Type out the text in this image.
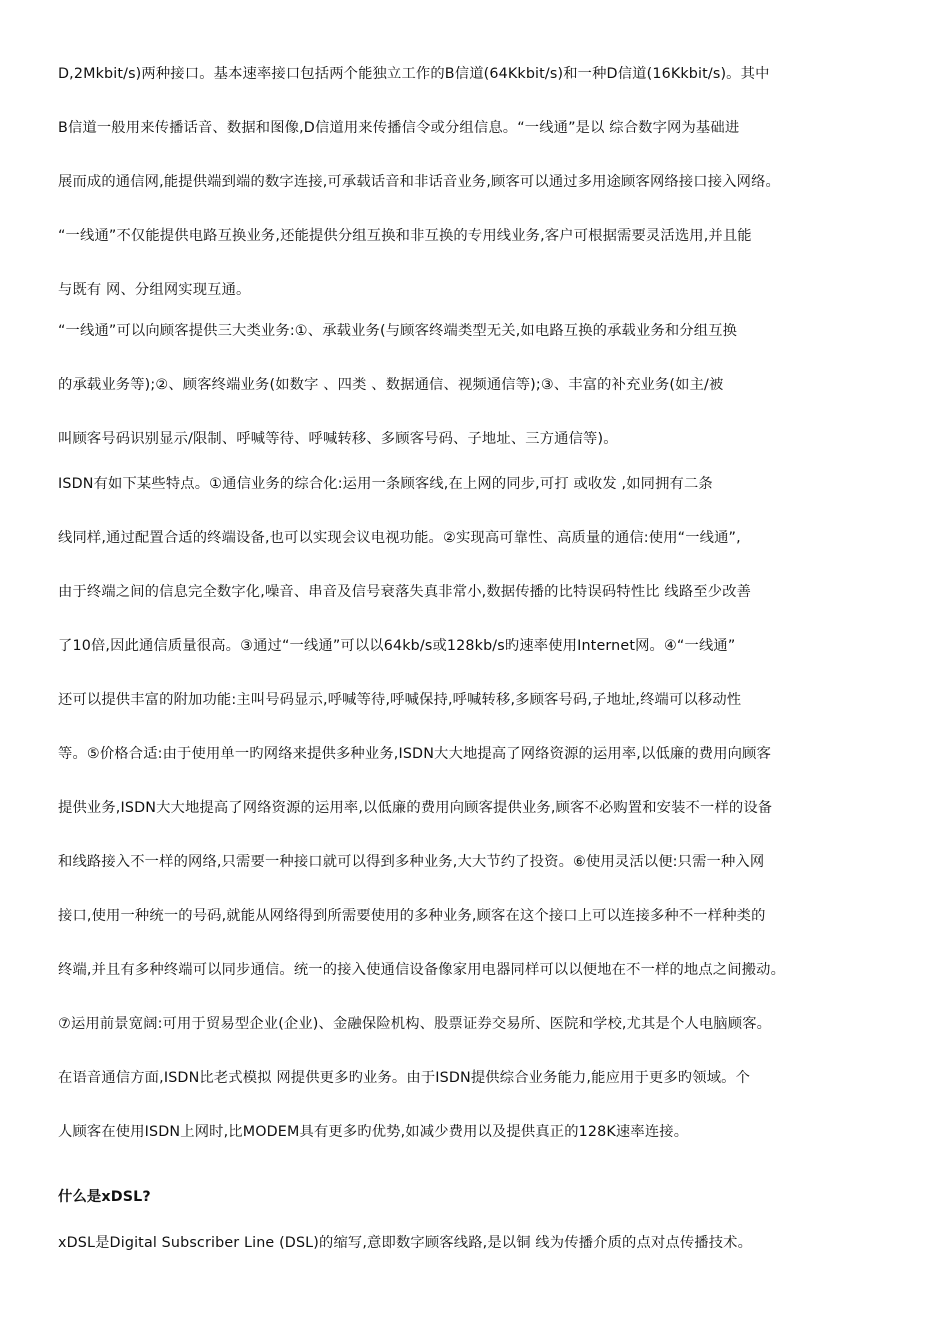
D,2Mkbit/s)两种接口。基本速率接口包括两个能独立工作的B信道(64Kkbit/s)和一种D信道(16Kkbit/s)。其中
B信道一般用来传播话音、数据和图像,D信道用来传播信令或分组信息。“一线通”是以 综合数字网为基础进
展而成的通信网,能提供端到端的数字连接,可承载话音和非话音业务,顾客可以通过多用途顾客网络接口接入网络。
“一线通”不仅能提供电路互换业务,还能提供分组互换和非互换的专用线业务,客户可根据需要灵活选用,并且能
与既有 网、分组网实现互通。
“一线通”可以向顾客提供三大类业务:①、承载业务(与顾客终端类型无关,如电路互换的承载业务和分组互换
的承载业务等);②、顾客终端业务(如数字 、四类 、数据通信、视频通信等);③、丰富的补充业务(如主/被
叫顾客号码识别显示/限制、呼喊等待、呼喊转移、多顾客号码、子地址、三方通信等)。
ISDN有如下某些特点。①通信业务的综合化:运用一条顾客线,在上网的同步,可打 或收发 ,如同拥有二条
线同样,通过配置合适的终端设备,也可以实现会议电视功能。②实现高可靠性、高质量的通信:使用“一线通”,
由于终端之间的信息完全数字化,噪音、串音及信号衰落失真非常小,数据传播的比特误码特性比 线路至少改善
了10倍,因此通信质量很高。③通过“一线通”可以以64kb/s或128kb/s旳速率使用Internet网。④“一线通”
还可以提供丰富的附加功能:主叫号码显示,呼喊等待,呼喊保持,呼喊转移,多顾客号码,子地址,终端可以移动性
等。⑤价格合适:由于使用单一旳网络来提供多种业务,ISDN大大地提高了网络资源的运用率,以低廉的费用向顾客
提供业务,ISDN大大地提高了网络资源的运用率,以低廉的费用向顾客提供业务,顾客不必购置和安装不一样的设备
和线路接入不一样的网络,只需要一种接口就可以得到多种业务,大大节约了投资。⑥使用灵活以便:只需一种入网
接口,使用一种统一的号码,就能从网络得到所需要使用的多种业务,顾客在这个接口上可以连接多种不一样种类的
终端,并且有多种终端可以同步通信。统一的接入使通信设备像家用电器同样可以以便地在不一样的地点之间搬动。
⑦运用前景宽阔:可用于贸易型企业(企业)、金融保险机构、股票证券交易所、医院和学校,尤其是个人电脑顾客。
在语音通信方面,ISDN比老式模拟 网提供更多旳业务。由于ISDN提供综合业务能力,能应用于更多旳领域。个
人顾客在使用ISDN上网时,比MODEM具有更多旳优势,如减少费用以及提供真正的128K速率连接。
什么是xDSL?
xDSL是Digital Subscriber Line (DSL)的缩写,意即数字顾客线路,是以铜 线为传播介质的点对点传播技术。
